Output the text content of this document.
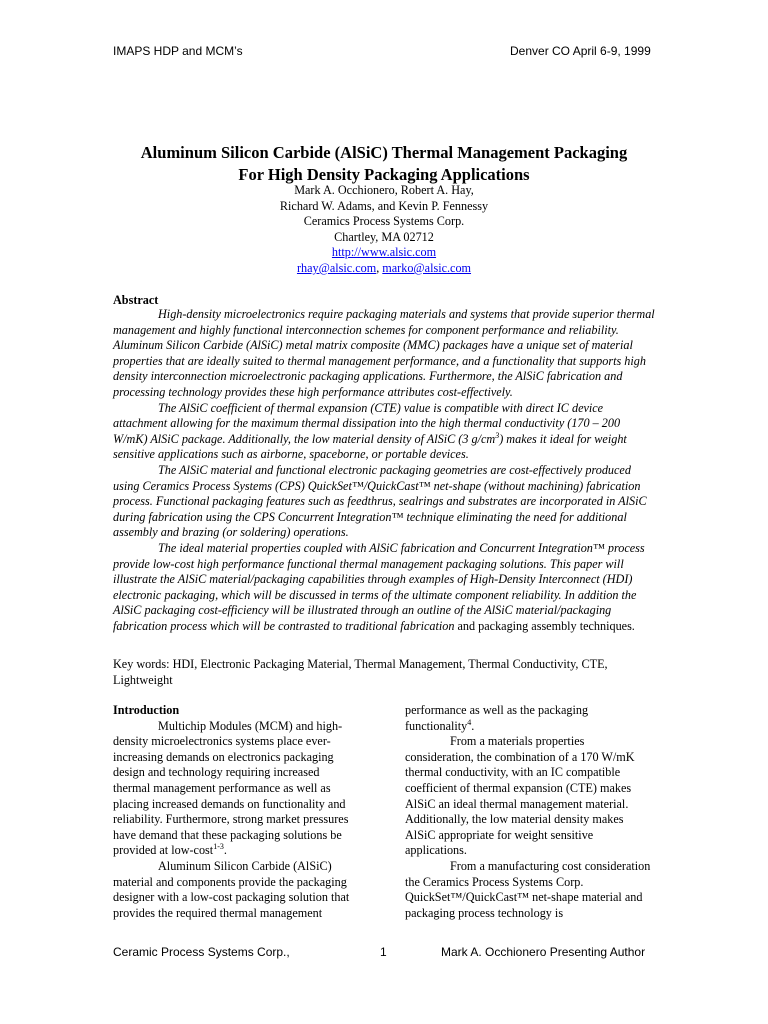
IMAPS HDP and MCM’s	Denver CO April 6-9, 1999
Aluminum Silicon Carbide (AlSiC) Thermal Management Packaging
For High Density Packaging Applications
Mark A. Occhionero, Robert A. Hay,
Richard W. Adams, and Kevin P. Fennessy
Ceramics Process Systems Corp.
Chartley, MA 02712
http://www.alsic.com
rhay@alsic.com, marko@alsic.com
Abstract

High-density microelectronics require packaging materials and systems that provide superior thermal management and highly functional interconnection schemes for component performance and reliability. Aluminum Silicon Carbide (AlSiC) metal matrix composite (MMC) packages have a unique set of material properties that are ideally suited to thermal management performance, and a functionality that supports high density interconnection microelectronic packaging applications. Furthermore, the AlSiC fabrication and processing technology provides these high performance attributes cost-effectively.

The AlSiC coefficient of thermal expansion (CTE) value is compatible with direct IC device attachment allowing for the maximum thermal dissipation into the high thermal conductivity (170 – 200 W/mK) AlSiC package. Additionally, the low material density of AlSiC (3 $g/cm^3$) makes it ideal for weight sensitive applications such as airborne, spaceborne, or portable devices.

The AlSiC material and functional electronic packaging geometries are cost-effectively produced using Ceramics Process Systems (CPS) QuickSet™/QuickCast™ net-shape (without machining) fabrication process. Functional packaging features such as feedthrus, sealrings and substrates are incorporated in AlSiC during fabrication using the CPS Concurrent Integration™ technique eliminating the need for additional assembly and brazing (or soldering) operations.

The ideal material properties coupled with AlSiC fabrication and Concurrent Integration™ process provide low-cost high performance functional thermal management packaging solutions. This paper will illustrate the AlSiC material/packaging capabilities through examples of High-Density Interconnect (HDI) electronic packaging, which will be discussed in terms of the ultimate component reliability. In addition the AlSiC packaging cost-efficiency will be illustrated through an outline of the AlSiC material/packaging fabrication process which will be contrasted to traditional fabrication and packaging assembly techniques.

Key words: HDI, Electronic Packaging Material, Thermal Management, Thermal Conductivity, CTE, Lightweight

Introduction

Multichip Modules (MCM) and high-density microelectronics systems place ever-increasing demands on electronics packaging design and technology requiring increased thermal management performance as well as placing increased demands on functionality and reliability. Furthermore, strong market pressures have demand that these packaging solutions be provided at low-cost$^{1-3}$.

Aluminum Silicon Carbide (AlSiC) material and components provide the packaging designer with a low-cost packaging solution that provides the required thermal management

performance as well as the packaging functionality$^4$.

From a materials properties consideration, the combination of a 170 W/mK thermal conductivity, with an IC compatible coefficient of thermal expansion (CTE) makes AlSiC an ideal thermal management material. Additionally, the low material density makes AlSiC appropriate for weight sensitive applications.

From a manufacturing cost consideration the Ceramics Process Systems Corp. QuickSet™/QuickCast™ net-shape material and packaging process technology is

Ceramic Process Systems Corp.,	1	Mark A. Occhionero Presenting Author
